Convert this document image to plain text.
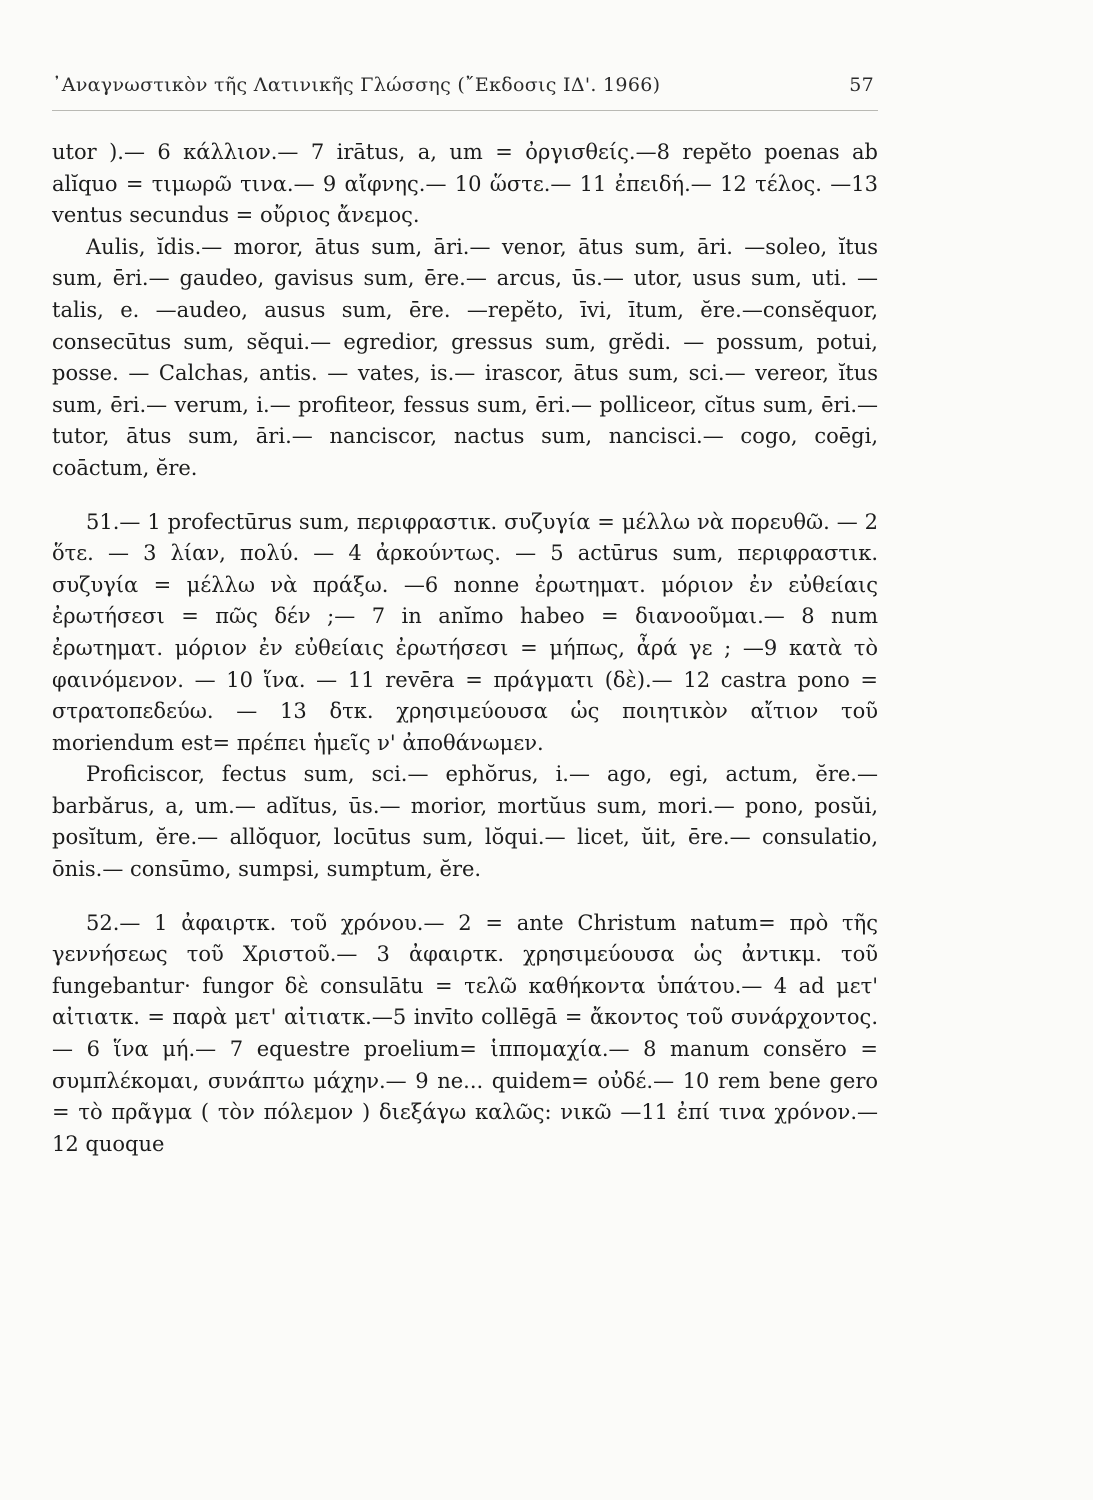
᾿Αναγνωστικὸν τῆς Λατινικῆς Γλώσσης (῎Εκδοσις ΙΔ'. 1966)	57

utor ).— 6 κάλλιον.— 7 irātus, a, um = ὀργισθείς.—8 repĕto poenas ab alĭquo = τιμωρῶ τινα.— 9 αἴφνης.— 10 ὥστε.— 11 ἐπειδή.— 12 τέλος. —13 ventus secundus = οὔριος ἄνεμος.

Aulis, ĭdis.— moror, ātus sum, āri.— venor, ātus sum, āri. —soleo, ĭtus sum, ēri.— gaudeo, gavisus sum, ēre.— arcus, ūs.— utor, usus sum, uti. —talis, e. —audeo, ausus sum, ēre. —repĕto, īvi, ītum, ĕre.—consĕquor, consecūtus sum, sĕqui.— egredior, gressus sum, grĕdi. — possum, potui, posse. — Calchas, antis. — vates, is.— irascor, ātus sum, sci.— vereor, ĭtus sum, ēri.— verum, i.— profiteor, fessus sum, ēri.— polliceor, cĭtus sum, ēri.— tutor, ātus sum, āri.— nanciscor, nactus sum, nancisci.— cogo, coēgi, coāctum, ĕre.

51.— 1 profectūrus sum, περιφραστικ. συζυγία = μέλλω νὰ πορευθῶ. — 2 ὅτε. — 3 λίαν, πολύ. — 4 ἀρκούντως. — 5 actūrus sum, περιφραστικ. συζυγία = μέλλω νὰ πράξω. —6 nonne ἐρωτηματ. μόριον ἐν εὐθείαις ἐρωτήσεσι = πῶς δέν ;— 7 in anĭmo habeo = διανοοῦμαι.— 8 num ἐρωτηματ. μόριον ἐν εὐθείαις ἐρωτήσεσι = μήπως, ἆρά γε ; —9 κατὰ τὸ φαινόμενον. — 10 ἵνα. — 11 revēra = πράγματι (δὲ).— 12 castra pono = στρατοπεδεύω. — 13 δτκ. χρησιμεύουσα ὡς ποιητικὸν αἴτιον τοῦ moriendum est= πρέπει ἡμεῖς ν' ἀποθάνωμεν.

Proficiscor, fectus sum, sci.— ephŏrus, i.— ago, egi, actum, ĕre.— barbărus, a, um.— adĭtus, ūs.— morior, mortŭus sum, mori.— pono, posŭi, posĭtum, ĕre.— allŏquor, locūtus sum, lŏqui.— licet, ŭit, ēre.— consulatio, ōnis.— consūmo, sumpsi, sumptum, ĕre.

52.— 1 ἀφαιρτκ. τοῦ χρόνου.— 2 = ante Christum natum= πρὸ τῆς γεννήσεως τοῦ Χριστοῦ.— 3 ἀφαιρτκ. χρησιμεύουσα ὡς ἀντικμ. τοῦ fungebantur· fungor δὲ consulātu = τελῶ καθήκοντα ὑπάτου.— 4 ad μετ' αἰτιατκ. = παρὰ μετ' αἰτιατκ.—5 invīto collēgā = ἄκοντος τοῦ συνάρχοντος.— 6 ἵνα μή.— 7 equestre proelium= ἱππομαχία.— 8 manum consĕro = συμπλέκομαι, συνάπτω μάχην.— 9 ne... quidem= οὐδέ.— 10 rem bene gero = τὸ πρᾶγμα ( τὸν πόλεμον ) διεξάγω καλῶς: νικῶ —11 ἐπί τινα χρόνον.— 12 quoque
